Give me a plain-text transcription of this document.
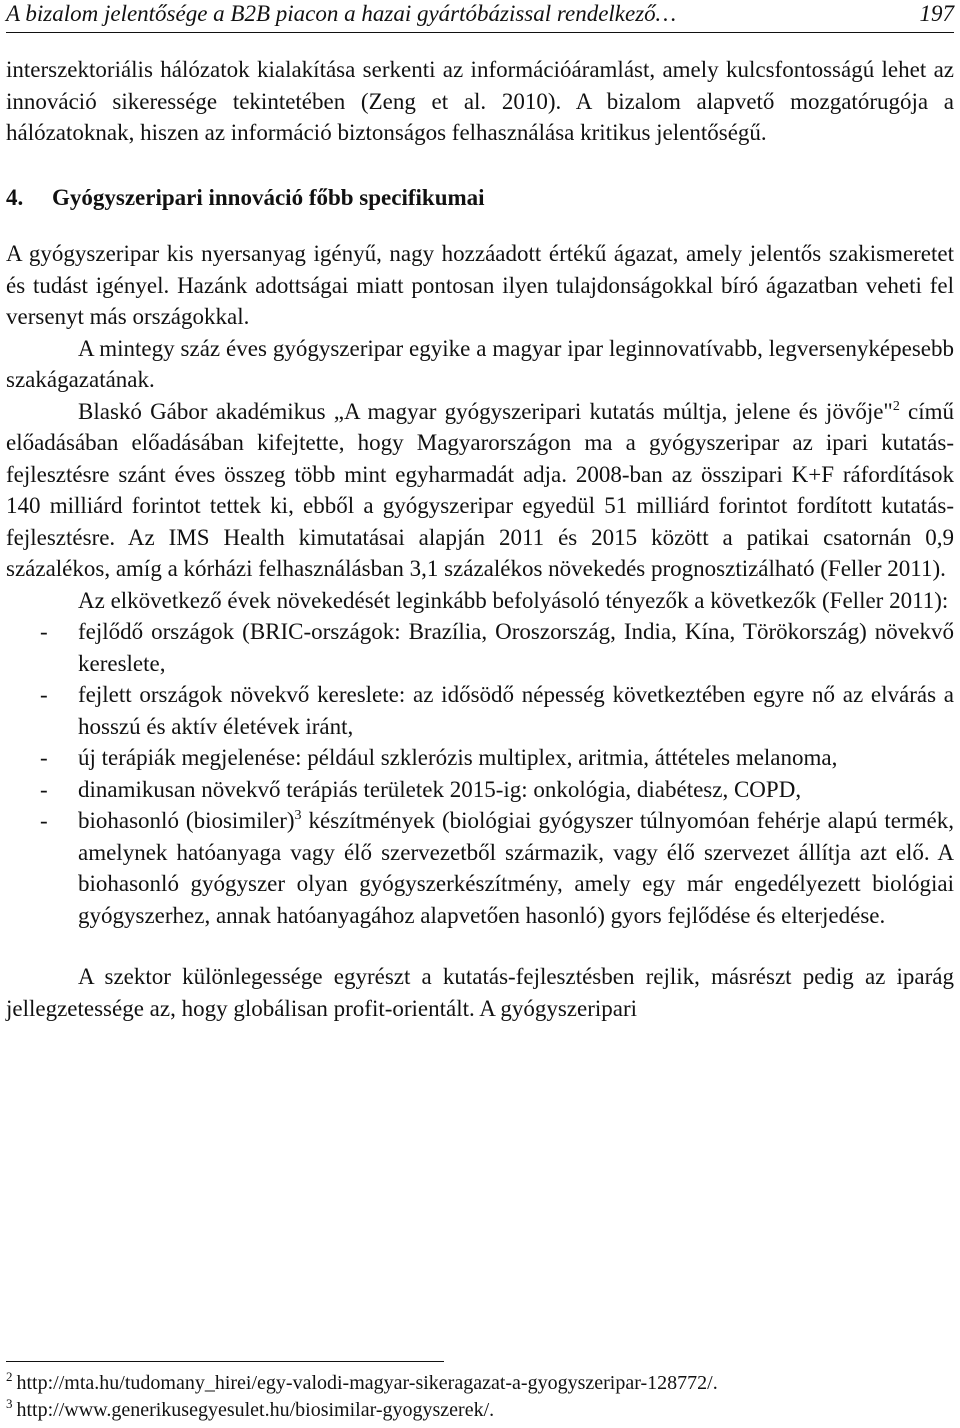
A bizalom jelentősége a B2B piacon a hazai gyártóbázissal rendelkező…	197

interszektoriális hálózatok kialakítása serkenti az információáramlást, amely kulcsfontosságú lehet az innováció sikeressége tekintetében (Zeng et al. 2010). A bizalom alapvető mozgatórugója a hálózatoknak, hiszen az információ biztonságos felhasználása kritikus jelentőségű.

4. Gyógyszeripari innováció főbb specifikumai

A gyógyszeripar kis nyersanyag igényű, nagy hozzáadott értékű ágazat, amely jelentős szakismeretet és tudást igényel. Hazánk adottságai miatt pontosan ilyen tulajdonságokkal bíró ágazatban veheti fel versenyt más országokkal.

A mintegy száz éves gyógyszeripar egyike a magyar ipar leginnovatívabb, legversenyképesebb szakágazatának.

Blaskó Gábor akadémikus „A magyar gyógyszeripari kutatás múltja, jelene és jövője"$^2$ című előadásában előadásában kifejtette, hogy Magyarországon ma a gyógyszeripar az ipari kutatás-fejlesztésre szánt éves összeg több mint egyharmadát adja. 2008-ban az összipari K+F ráfordítások 140 milliárd forintot tettek ki, ebből a gyógyszeripar egyedül 51 milliárd forintot fordított kutatás-fejlesztésre. Az IMS Health kimutatásai alapján 2011 és 2015 között a patikai csatornán 0,9 százalékos, amíg a kórházi felhasználásban 3,1 százalékos növekedés prognosztizálható (Feller 2011).

Az elkövetkező évek növekedését leginkább befolyásoló tényezők a következők (Feller 2011):

- fejlődő országok (BRIC-országok: Brazília, Oroszország, India, Kína, Törökország) növekvő kereslete,
- fejlett országok növekvő kereslete: az idősödő népesség következtében egyre nő az elvárás a hosszú és aktív életévek iránt,
- új terápiák megjelenése: például szklerózis multiplex, aritmia, áttételes melanoma,
- dinamikusan növekvő terápiás területek 2015-ig: onkológia, diabétesz, COPD,
- biohasonló (biosimiler)$^3$ készítmények (biológiai gyógyszer túlnyomóan fehérje alapú termék, amelynek hatóanyaga vagy élő szervezetből származik, vagy élő szervezet állítja azt elő. A biohasonló gyógyszer olyan gyógyszerkészítmény, amely egy már engedélyezett biológiai gyógyszerhez, annak hatóanyagához alapvetően hasonló) gyors fejlődése és elterjedése.

A szektor különlegessége egyrészt a kutatás-fejlesztésben rejlik, másrészt pedig az iparág jellegzetessége az, hogy globálisan profit-orientált. A gyógyszeripari

$^2$ http://mta.hu/tudomany_hirei/egy-valodi-magyar-sikeragazat-a-gyogyszeripar-128772/.
$^3$ http://www.generikusegyesulet.hu/biosimilar-gyogyszerek/.
